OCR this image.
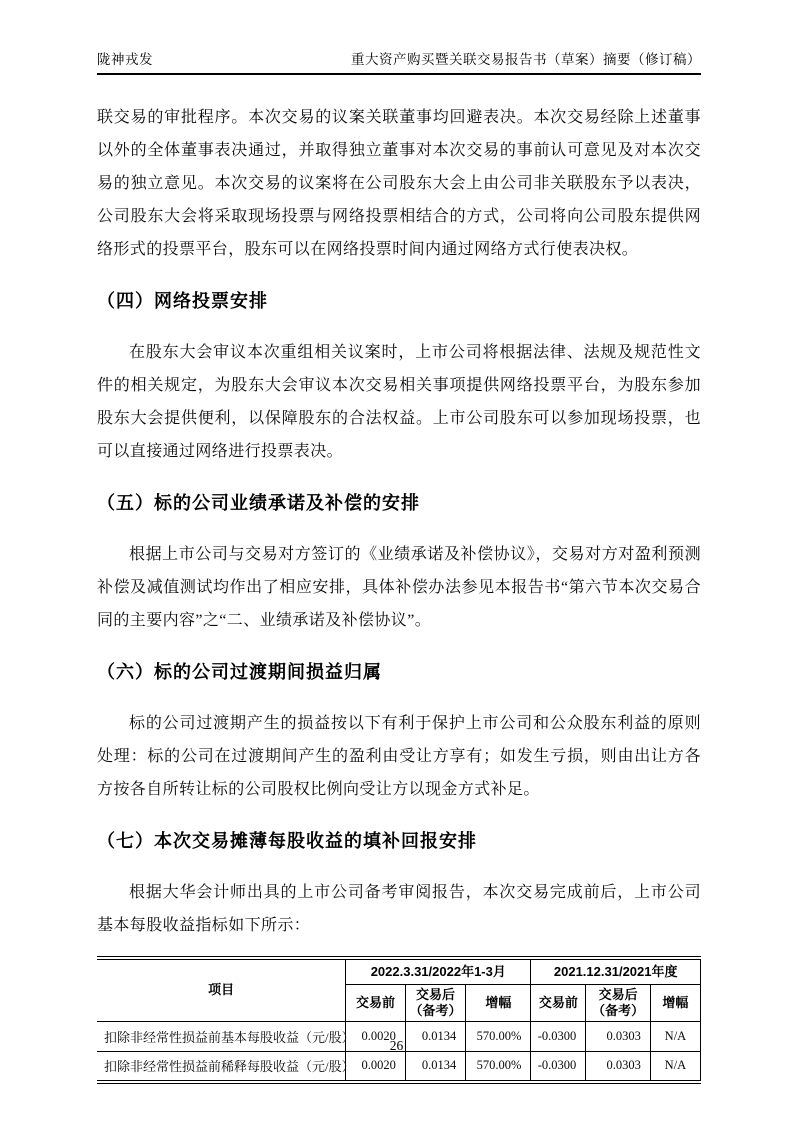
陇神戎发	重大资产购买暨关联交易报告书（草案）摘要（修订稿）

联交易的审批程序。本次交易的议案关联董事均回避表决。本次交易经除上述董事以外的全体董事表决通过，并取得独立董事对本次交易的事前认可意见及对本次交易的独立意见。本次交易的议案将在公司股东大会上由公司非关联股东予以表决，公司股东大会将采取现场投票与网络投票相结合的方式，公司将向公司股东提供网络形式的投票平台，股东可以在网络投票时间内通过网络方式行使表决权。

（四）网络投票安排

在股东大会审议本次重组相关议案时，上市公司将根据法律、法规及规范性文件的相关规定，为股东大会审议本次交易相关事项提供网络投票平台，为股东参加股东大会提供便利，以保障股东的合法权益。上市公司股东可以参加现场投票，也可以直接通过网络进行投票表决。

（五）标的公司业绩承诺及补偿的安排

根据上市公司与交易对方签订的《业绩承诺及补偿协议》，交易对方对盈利预测补偿及减值测试均作出了相应安排，具体补偿办法参见本报告书“第六节本次交易合同的主要内容”之“二、业绩承诺及补偿协议”。

（六）标的公司过渡期间损益归属

标的公司过渡期产生的损益按以下有利于保护上市公司和公众股东利益的原则处理：标的公司在过渡期间产生的盈利由受让方享有；如发生亏损，则由出让方各方按各自所转让标的公司股权比例向受让方以现金方式补足。

（七）本次交易摊薄每股收益的填补回报安排

根据大华会计师出具的上市公司备考审阅报告，本次交易完成前后，上市公司基本每股收益指标如下所示：

项目	2022.3.31/2022年1-3月			2021.12.31/2021年度		
	交易前	交易后（备考）	增幅	交易前	交易后（备考）	增幅
扣除非经常性损益前基本每股收益（元/股）	0.0020	0.0134	570.00%	-0.0300	0.0303	N/A
扣除非经常性损益前稀释每股收益（元/股）	0.0020	0.0134	570.00%	-0.0300	0.0303	N/A
26
